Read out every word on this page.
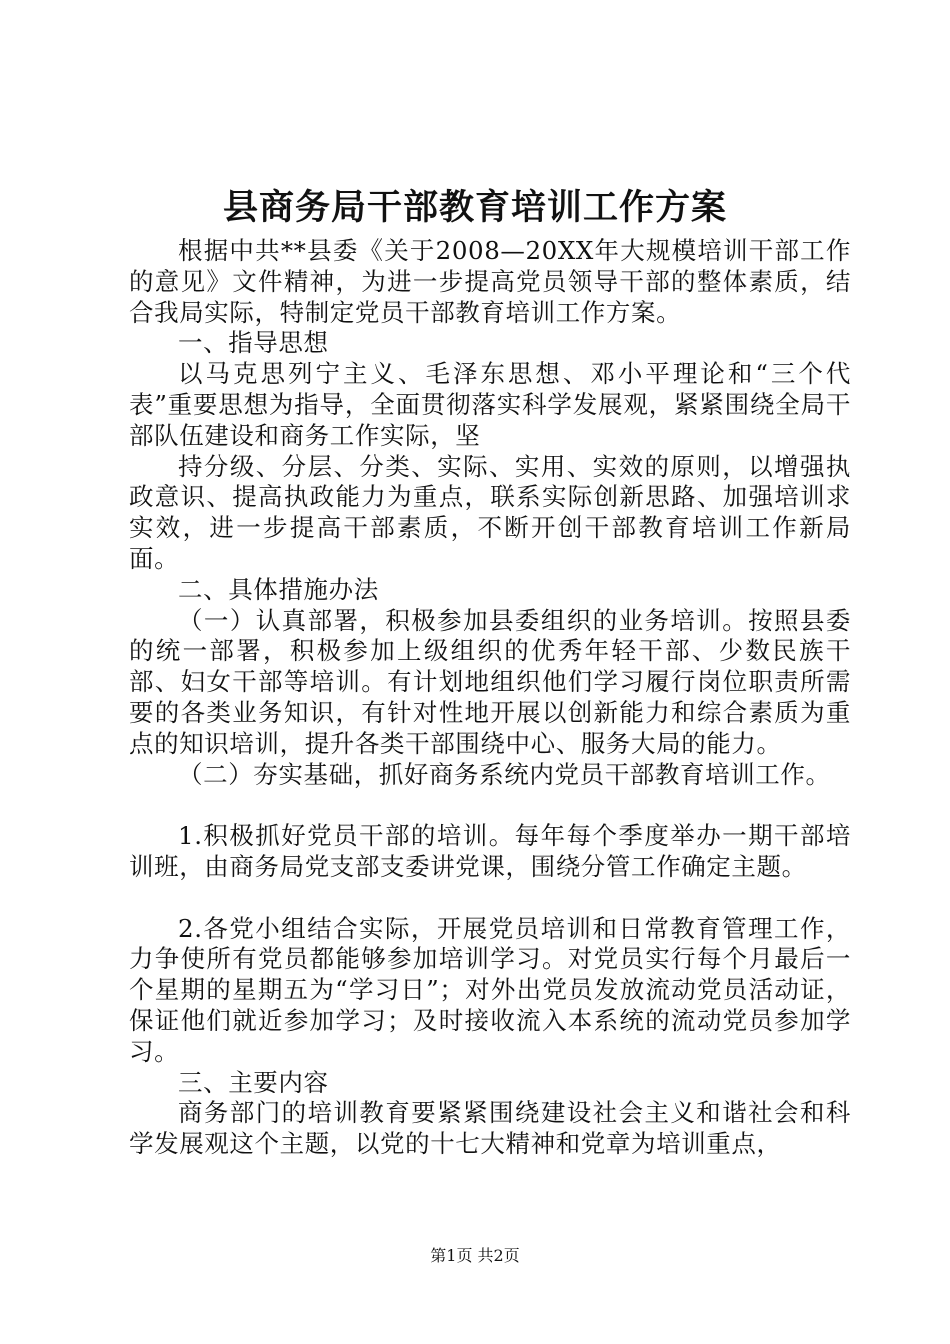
县商务局干部教育培训工作方案

根据中共**县委《关于2008—20XX年大规模培训干部工作的意见》文件精神，为进一步提高党员领导干部的整体素质，结合我局实际，特制定党员干部教育培训工作方案。

一、指导思想

以马克思列宁主义、毛泽东思想、邓小平理论和“三个代表”重要思想为指导，全面贯彻落实科学发展观，紧紧围绕全局干部队伍建设和商务工作实际，坚

持分级、分层、分类、实际、实用、实效的原则，以增强执政意识、提高执政能力为重点，联系实际创新思路、加强培训求实效，进一步提高干部素质，不断开创干部教育培训工作新局面。

二、具体措施办法

（一）认真部署，积极参加县委组织的业务培训。按照县委的统一部署，积极参加上级组织的优秀年轻干部、少数民族干部、妇女干部等培训。有计划地组织他们学习履行岗位职责所需要的各类业务知识，有针对性地开展以创新能力和综合素质为重点的知识培训，提升各类干部围绕中心、服务大局的能力。

（二）夯实基础，抓好商务系统内党员干部教育培训工作。

1.积极抓好党员干部的培训。每年每个季度举办一期干部培训班，由商务局党支部支委讲党课，围绕分管工作确定主题。

2.各党小组结合实际，开展党员培训和日常教育管理工作，力争使所有党员都能够参加培训学习。对党员实行每个月最后一个星期的星期五为“学习日”；对外出党员发放流动党员活动证，保证他们就近参加学习；及时接收流入本系统的流动党员参加学习。

三、主要内容

商务部门的培训教育要紧紧围绕建设社会主义和谐社会和科学发展观这个主题，以党的十七大精神和党章为培训重点，

第1页 共2页
